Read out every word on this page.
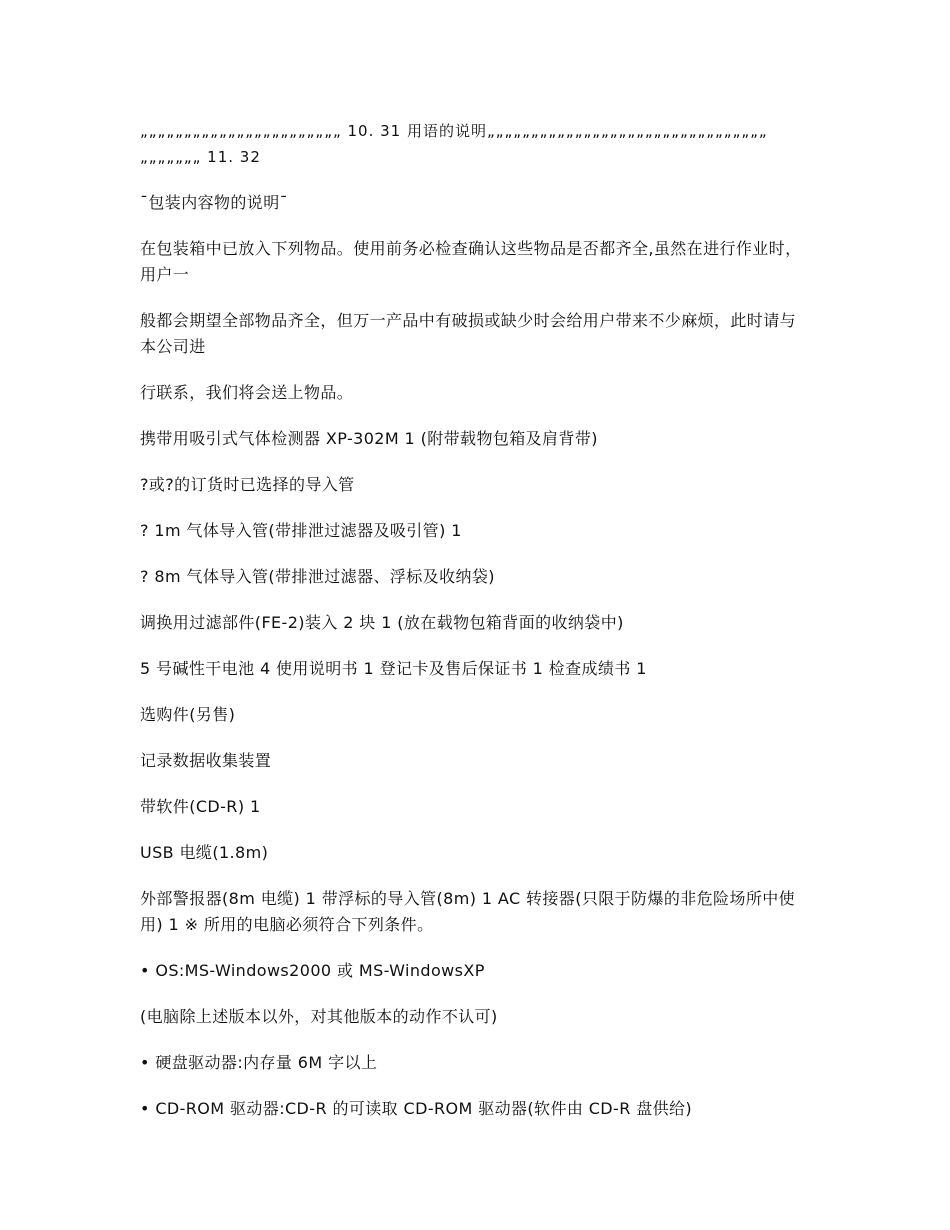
„„„„„„„„„„„„„„„„„„„„„„„ 10. 31 用语的说明„„„„„„„„„„„„„„„„„„„„„„„„„„„„„„„„ „„„„„„„ 11. 32

¯包装内容物的说明¯

在包装箱中已放入下列物品。使用前务必检查确认这些物品是否都齐全,虽然在进行作业时，用户一

般都会期望全部物品齐全，但万一产品中有破损或缺少时会给用户带来不少麻烦，此时请与本公司进

行联系，我们将会送上物品。

携带用吸引式气体检测器 XP-302M 1 (附带载物包箱及肩背带)

?或?的订货时已选择的导入管

? 1m 气体导入管(带排泄过滤器及吸引管) 1

? 8m 气体导入管(带排泄过滤器、浮标及收纳袋)

调换用过滤部件(FE-2)装入 2 块 1 (放在载物包箱背面的收纳袋中)

5 号碱性干电池 4 使用说明书 1 登记卡及售后保证书 1 检查成绩书 1

选购件(另售)

记录数据收集装置

带软件(CD-R) 1

USB 电缆(1.8m)

外部警报器(8m 电缆) 1 带浮标的导入管(8m) 1 AC 转接器(只限于防爆的非危险场所中使用) 1 ※ 所用的电脑必须符合下列条件。

• OS:MS-Windows2000 或 MS-WindowsXP

(电脑除上述版本以外，对其他版本的动作不认可)

• 硬盘驱动器:内存量 6M 字以上

• CD-ROM 驱动器:CD-R 的可读取 CD-ROM 驱动器(软件由 CD-R 盘供给)
